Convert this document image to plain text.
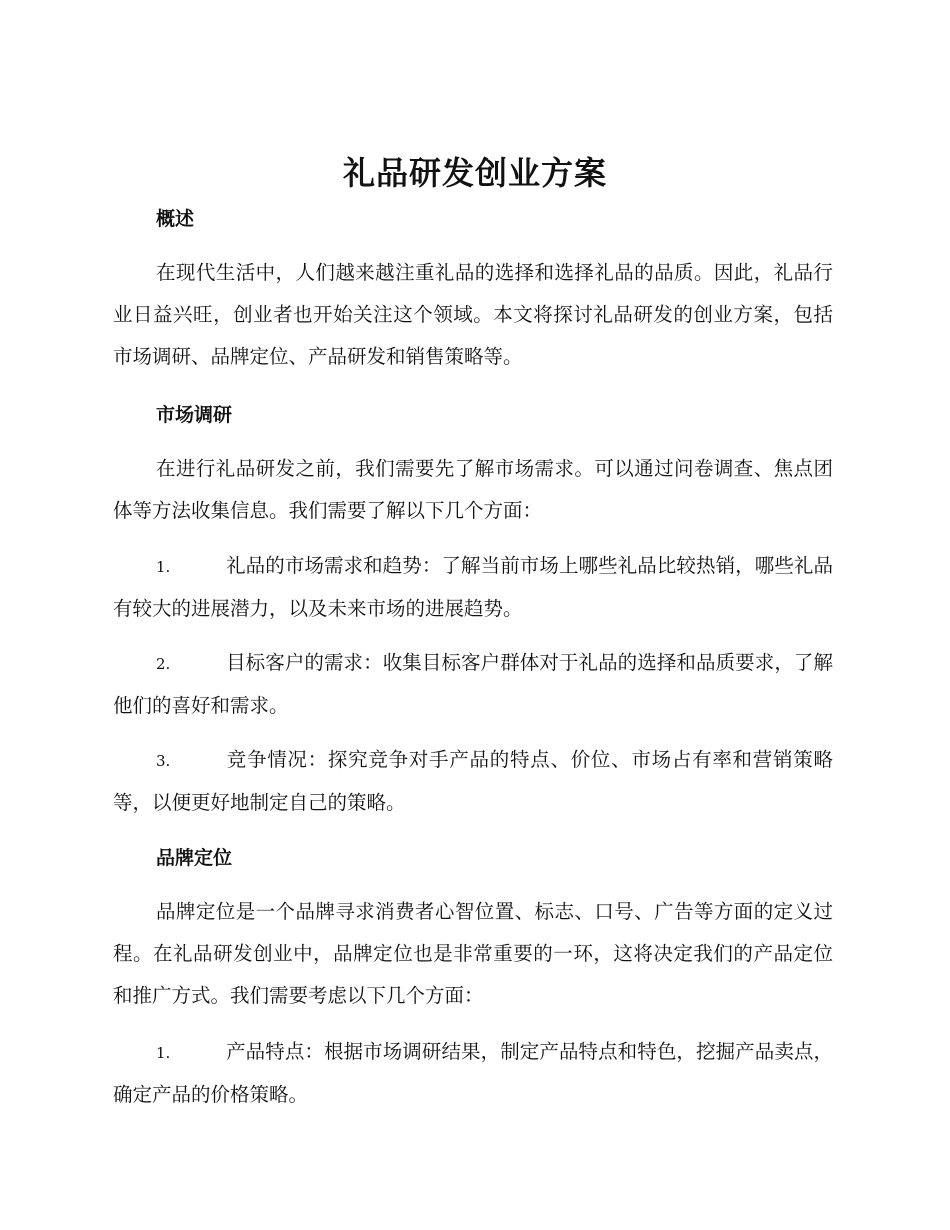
礼品研发创业方案
概述
在现代生活中，人们越来越注重礼品的选择和选择礼品的品质。因此，礼品行业日益兴旺，创业者也开始关注这个领域。本文将探讨礼品研发的创业方案，包括市场调研、品牌定位、产品研发和销售策略等。
市场调研
在进行礼品研发之前，我们需要先了解市场需求。可以通过问卷调查、焦点团体等方法收集信息。我们需要了解以下几个方面：
1.	礼品的市场需求和趋势：了解当前市场上哪些礼品比较热销，哪些礼品有较大的进展潜力，以及未来市场的进展趋势。
2.	目标客户的需求：收集目标客户群体对于礼品的选择和品质要求，了解他们的喜好和需求。
3.	竞争情况：探究竞争对手产品的特点、价位、市场占有率和营销策略等，以便更好地制定自己的策略。
品牌定位
品牌定位是一个品牌寻求消费者心智位置、标志、口号、广告等方面的定义过程。在礼品研发创业中，品牌定位也是非常重要的一环，这将决定我们的产品定位和推广方式。我们需要考虑以下几个方面：
1.	产品特点：根据市场调研结果，制定产品特点和特色，挖掘产品卖点，确定产品的价格策略。
